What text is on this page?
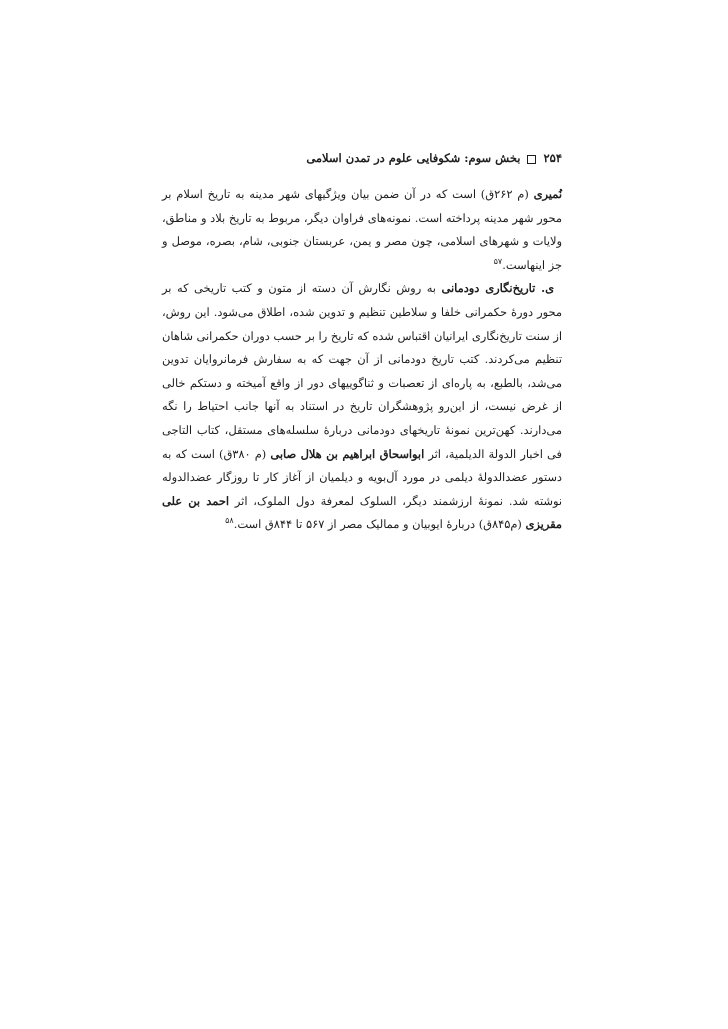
۲۵۴ بخش سوم: شکوفایی علوم در تمدن اسلامی

نُمیری (م ۲۶۲ق) است که در آن ضمن بیان ویژگیهای شهر مدینه به تاریخ اسلام بر محور شهر مدینه پرداخته است. نمونه‌های فراوان دیگر، مربوط به تاریخ بلاد و مناطق، ولایات و شهرهای اسلامی، چون مصر و یمن، عربستان جنوبی، شام، بصره، موصل و جز اینهاست.$^{۵۷}$

ی. تاریخ‌نگاری دودمانی به روش نگارش آن دسته از متون و کتب تاریخی که بر محور دورۀ حکمرانی خلفا و سلاطین تنظیم و تدوین شده، اطلاق می‌شود. این روش، از سنت تاریخ‌نگاری ایرانیان اقتباس شده که تاریخ را بر حسب دوران حکمرانی شاهان تنظیم می‌کردند. کتب تاریخ دودمانی از آن جهت که به سفارش فرمانروایان تدوین می‌شد، بالطبع، به پاره‌ای از تعصبات و ثناگوییهای دور از واقع آمیخته و دستکم خالی از غرض نیست، از این‌رو پژوهشگران تاریخ در استناد به آنها جانب احتیاط را نگه می‌دارند. کهن‌ترین نمونۀ تاریخهای دودمانی دربارۀ سلسله‌های مستقل، کتاب التاجی فی اخبار الدولة الدیلمیة، اثر ابواسحاق ابراهیم بن هلال صابی (م ۳۸۰ق) است که به دستور عضدالدولۀ دیلمی در مورد آل‌بویه و دیلمیان از آغاز کار تا روزگار عضدالدوله نوشته شد. نمونۀ ارزشمند دیگر، السلوک لمعرفة دول الملوک، اثر احمد بن علی مقریزی (م۸۴۵ق) دربارۀ ایوبیان و ممالیک مصر از ۵۶۷ تا ۸۴۴ق است.$^{۵۸}$
